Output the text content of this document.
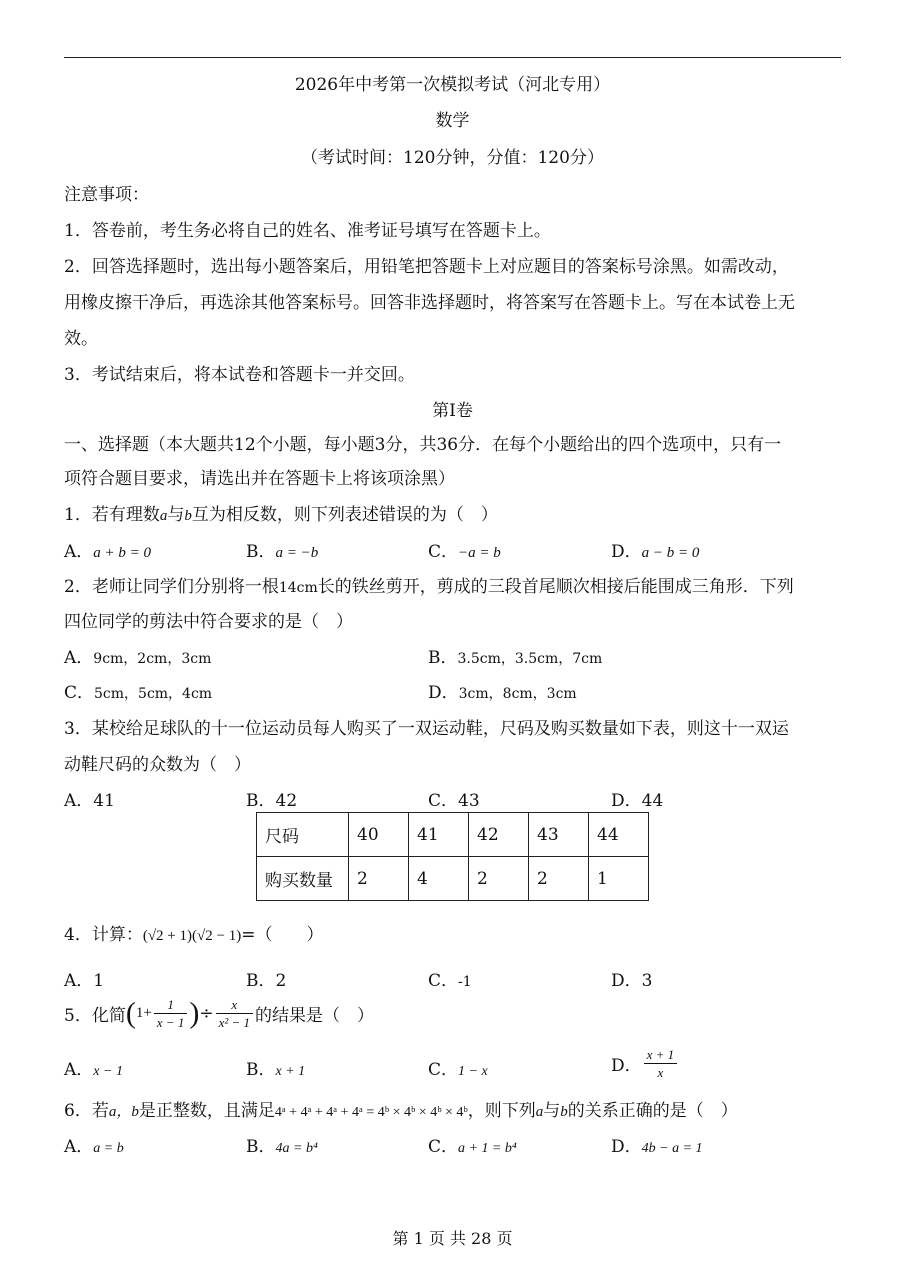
2026年中考第一次模拟考试（河北专用）
数学
（考试时间：120分钟，分值：120分）
注意事项：
1．答卷前，考生务必将自己的姓名、准考证号填写在答题卡上。
2．回答选择题时，选出每小题答案后，用铅笔把答题卡上对应题目的答案标号涂黑。如需改动，
用橡皮擦干净后，再选涂其他答案标号。回答非选择题时，将答案写在答题卡上。写在本试卷上无
效。
3．考试结束后，将本试卷和答题卡一并交回。
第Ⅰ卷
一、选择题（本大题共12个小题，每小题3分，共36分．在每个小题给出的四个选项中，只有一
项符合题目要求，请选出并在答题卡上将该项涂黑）
1．若有理数a与b互为相反数，则下列表述错误的为（　）
A．a + b = 0	B．a = −b	C．−a = b	D．a − b = 0
2．老师让同学们分别将一根14cm长的铁丝剪开，剪成的三段首尾顺次相接后能围成三角形．下列
四位同学的剪法中符合要求的是（　）
A．9cm，2cm，3cm	B．3.5cm，3.5cm，7cm
C．5cm，5cm，4cm	D．3cm，8cm，3cm
3．某校给足球队的十一位运动员每人购买了一双运动鞋，尺码及购买数量如下表，则这十一双运
动鞋尺码的众数为（　）
A．41	B．42	C．43	D．44
尺码	40	41	42	43	44
购买数量	2	4	2	2	1
4．计算：(√2 + 1)(√2 − 1)=（　　）
A．1	B．2	C．-1	D．3
5．化简($1+ \frac{1}{x - 1}$ )÷ $\frac{x}{\text{x² − 1}}$ 的结果是（　）
A．x − 1	B．x + 1	C．1 − x	D． $\frac{x + 1}{x}$
6．若a，b是正整数，且满足4ᵃ + 4ᵃ + 4ᵃ + 4ᵃ = 4ᵇ × 4ᵇ × 4ᵇ × 4ᵇ，则下列a与b的关系正确的是（　）
A．a = b	B．4a = b⁴	C．a + 1 = b⁴	D．4b − a = 1
第 1 页 共 28 页
